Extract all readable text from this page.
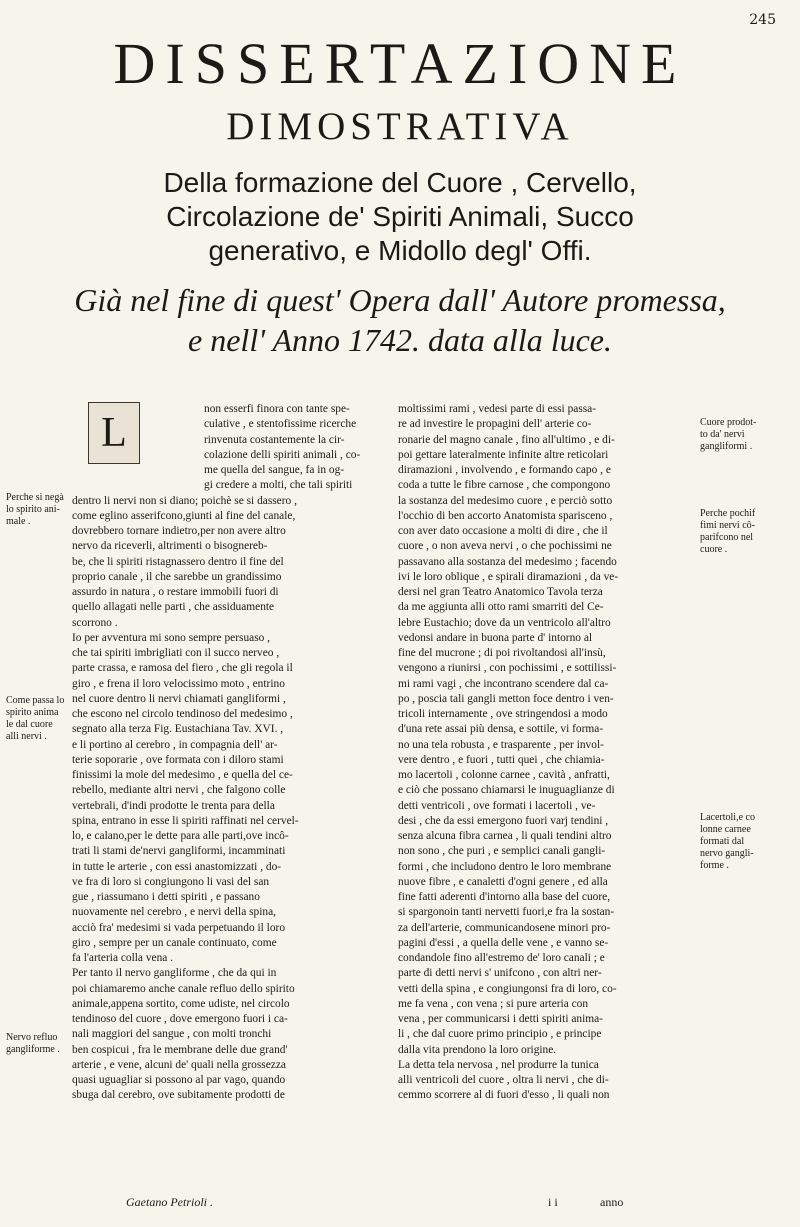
245
DISSERTAZIONE
DIMOSTRATIVA
Della formazione del Cuore , Cervello,
Circolazione de' Spiriti Animali, Succo
generativo, e Midollo degl' Offi.
Già nel fine di quest' Opera dall' Autore promessa,
e nell' Anno 1742. data alla luce.
L
non esserfi finora con tante spe-
culative , e stentofissime ricerche
rinvenuta costantemente la cir-
colazione delli spiriti animali , co-
me quella del sangue, fa in og-
gi credere a molti, che tali spiriti
dentro li nervi non si diano; poichè se si dassero ,
come eglino asserifcono,giunti al fine del canale,
dovrebbero tornare indietro,per non avere altro
nervo da riceverli, altrimenti o bisognereb-
be, che li spiriti ristagnassero dentro il fine del
proprio canale , il che sarebbe un grandissimo
assurdo in natura , o restare immobili fuori di
quello allagati nelle parti , che assiduamente
scorrono .
Io per avventura mi sono sempre persuaso ,
che tai spiriti imbrigliati con il succo nerveo ,
parte crassa, e ramosa del fiero , che gli regola il
giro , e frena il loro velocissimo moto , entrino
nel cuore dentro li nervi chiamati gangliformi ,
che escono nel circolo tendinoso del medesimo ,
segnato alla terza Fig. Eustachiana Tav. XVI. ,
e li portino al cerebro , in compagnia dell' ar-
terie soporarie , ove formata con i diloro stami
finissimi la mole del medesimo , e quella del ce-
rebello, mediante altri nervi , che falgono colle
vertebrali, d'indi prodotte le trenta para della
spina, entrano in esse li spiriti raffinati nel cervel-
lo, e calano,per le dette para alle parti,ove incô-
trati li stami de'nervi gangliformi, incamminati
in tutte le arterie , con essi anastomizzati , do-
ve fra di loro si congiungono li vasi del san
gue , riassumano i detti spiriti , e passano
nuovamente nel cerebro , e nervi della spina,
acciò fra' medesimi si vada perpetuando il loro
giro , sempre per un canale continuato, come
fa l'arteria colla vena .
Per tanto il nervo gangliforme , che da qui in
poi chiamaremo anche canale refluo dello spirito
animale,appena sortito, come udiste, nel circolo
tendinoso del cuore , dove emergono fuori i ca-
nali maggiori del sangue , con molti tronchi
ben cospicui , fra le membrane delle due grand'
arterie , e vene, alcuni de' quali nella grossezza
quasi uguagliar si possono al par vago, quando
sbuga dal cerebro, ove subitamente prodotti de
moltissimi rami , vedesi parte di essi passa-
re ad investire le propagini dell' arterie co-
ronarie del magno canale , fino all'ultimo , e di-
poi gettare lateralmente infinite altre reticolari
diramazioni , involvendo , e formando capo , e
coda a tutte le fibre carnose , che compongono
la sostanza del medesimo cuore , e perciò sotto
l'occhio di ben accorto Anatomista sparisceno ,
con aver dato occasione a molti di dire , che il
cuore , o non aveva nervi , o che pochissimi ne
passavano alla sostanza del medesimo ; facendo
ivi le loro oblique , e spirali diramazioni , da ve-
dersi nel gran Teatro Anatomico Tavola terza
da me aggiunta alli otto rami smarriti del Ce-
lebre Eustachio; dove da un ventricolo all'altro
vedonsi andare in buona parte d' intorno al
fine del mucrone ; di poi rivoltandosi all'insù,
vengono a riunirsi , con pochissimi , e sottilissi-
mi rami vagi , che incontrano scendere dal ca-
po , poscia tali gangli metton foce dentro i ven-
tricoli internamente , ove stringendosi a modo
d'una rete assai più densa, e sottile, vi forma-
no una tela robusta , e trasparente , per invol-
vere dentro , e fuori , tutti quei , che chiamia-
mo lacertoli , colonne carnee , cavità , anfratti,
e ciò che possano chiamarsi le inuguaglianze di
detti ventricoli , ove formati i lacertoli , ve-
desi , che da essi emergono fuori varj tendini ,
senza alcuna fibra carnea , li quali tendini altro
non sono , che puri , e semplici canali gangli-
formi , che includono dentro le loro membrane
nuove fibre , e canaletti d'ogni genere , ed alla
fine fatti aderenti d'intorno alla base del cuore,
si spargonoin tanti nervetti fuori,e fra la sostan-
za dell'arterie, communicandosene minori pro-
pagini d'essi , a quella delle vene , e vanno se-
condandole fino all'estremo de' loro canali ; e
parte di detti nervi s' unifcono , con altri ner-
vetti della spina , e congiungonsi fra di loro, co-
me fa vena , con vena ; si pure arteria con
vena , per communicarsi i detti spiriti anima-
li , che dal cuore primo principio , e principe
dalla vita prendono la loro origine.
La detta tela nervosa , nel produrre la tunica
alli ventricoli del cuore , oltra li nervi , che di-
cemmo scorrere al di fuori d'esso , li quali non
Perche si negà
lo spirito ani-
male .
Come passa lo
spirito anima
le dal cuore
alli nervi .
Nervo refluo
gangliforme .
Cuore prodot-
to da' nervi
gangliformi .
Perche pochif
fimi nervi cô-
parifcono nel
cuore .
Lacertoli,e co
lonne carnee
formati dal
nervo gangli-
forme .
Gaetano Petrioli .	i i	anno
